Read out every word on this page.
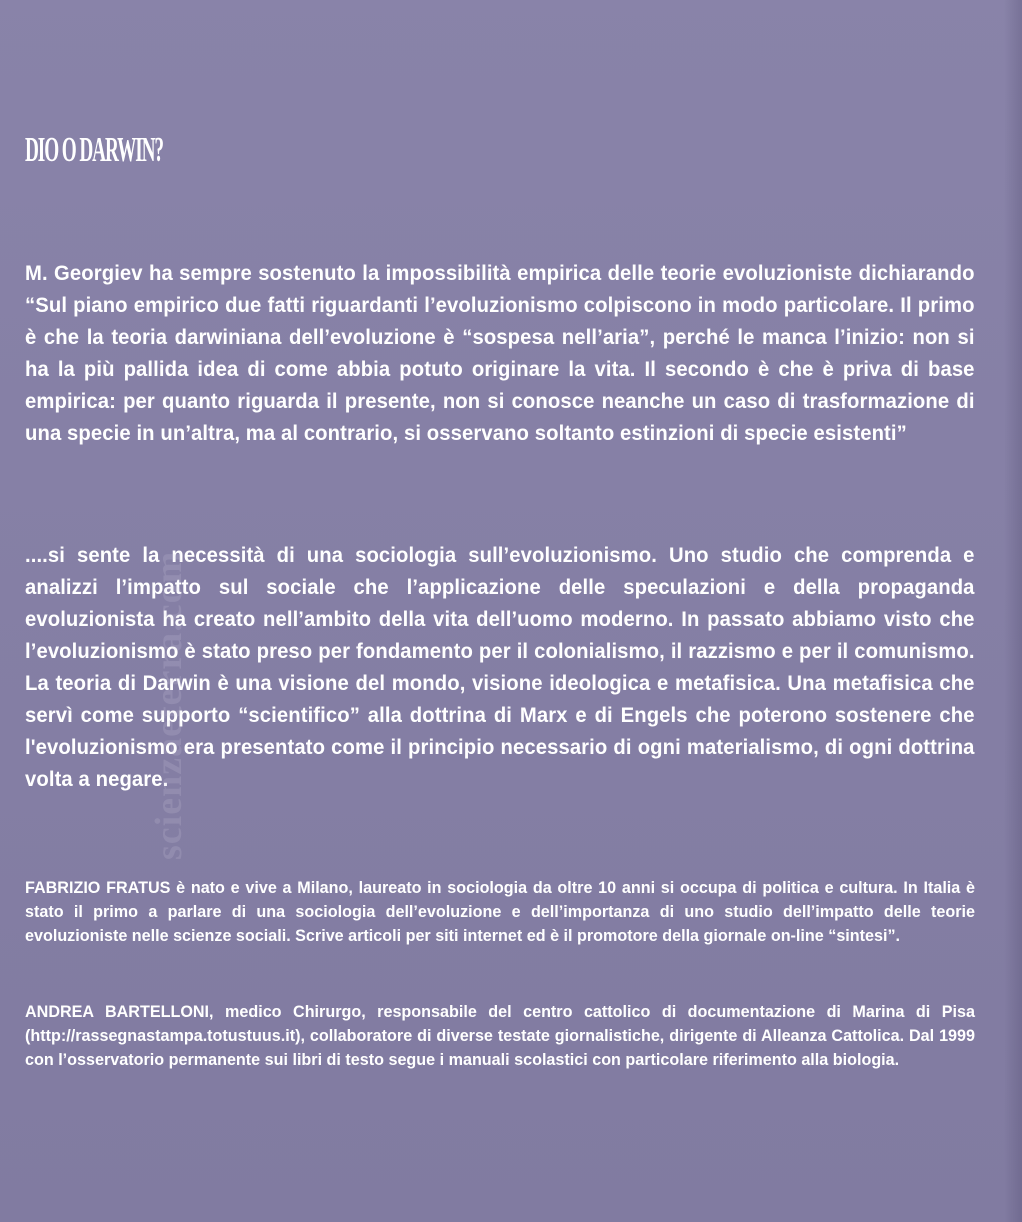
DIO O DARWIN?

M. Georgiev ha sempre sostenuto la impossibilità empirica delle teorie evoluzioniste dichiarando “Sul piano empirico due fatti riguardanti l’evoluzionismo colpiscono in modo particolare. Il primo è che la teoria darwiniana dell’evoluzione è “sospesa nell’aria”, perché le manca l’inizio: non si ha la più pallida idea di come abbia potuto originare la vita. Il secondo è che è priva di base empirica: per quanto riguarda il presente, non si conosce neanche un caso di trasformazione di una specie in un’altra, ma al contrario, si osservano soltanto estinzioni di specie esistenti”

....si sente la necessità di una sociologia sull’evoluzionismo. Uno studio che comprenda e analizzi l’impatto sul sociale che l’applicazione delle speculazioni e della propaganda evoluzionista ha creato nell’ambito della vita dell’uomo moderno. In passato abbiamo visto che l’evoluzionismo è stato preso per fondamento per il colonialismo, il razzismo e per il comunismo. La teoria di Darwin è una visione del mondo, visione ideologica e metafisica. Una metafisica che servì come supporto “scientifico” alla dottrina di Marx e di Engels che poterono sostenere che l'evoluzionismo era presentato come il principio necessario di ogni materialismo, di ogni dottrina volta a negare.

FABRIZIO FRATUS è nato e vive a Milano, laureato in sociologia da oltre 10 anni si occupa di politica e cultura. In Italia è stato il primo a parlare di una sociologia dell’evoluzione e dell’importanza di uno studio dell’impatto delle teorie evoluzioniste nelle scienze sociali. Scrive articoli per siti internet ed è il promotore della giornale on-line “sintesi”.

ANDREA BARTELLONI, medico Chirurgo, responsabile del centro cattolico di documentazione di Marina di Pisa (http://rassegnastampa.totustuus.it), collaboratore di diverse testate giornalistiche, dirigente di Alleanza Cattolica. Dal 1999 con l’osservatorio permanente sui libri di testo segue i manuali scolastici con particolare riferimento alla biologia.

scienzaeterra.com
